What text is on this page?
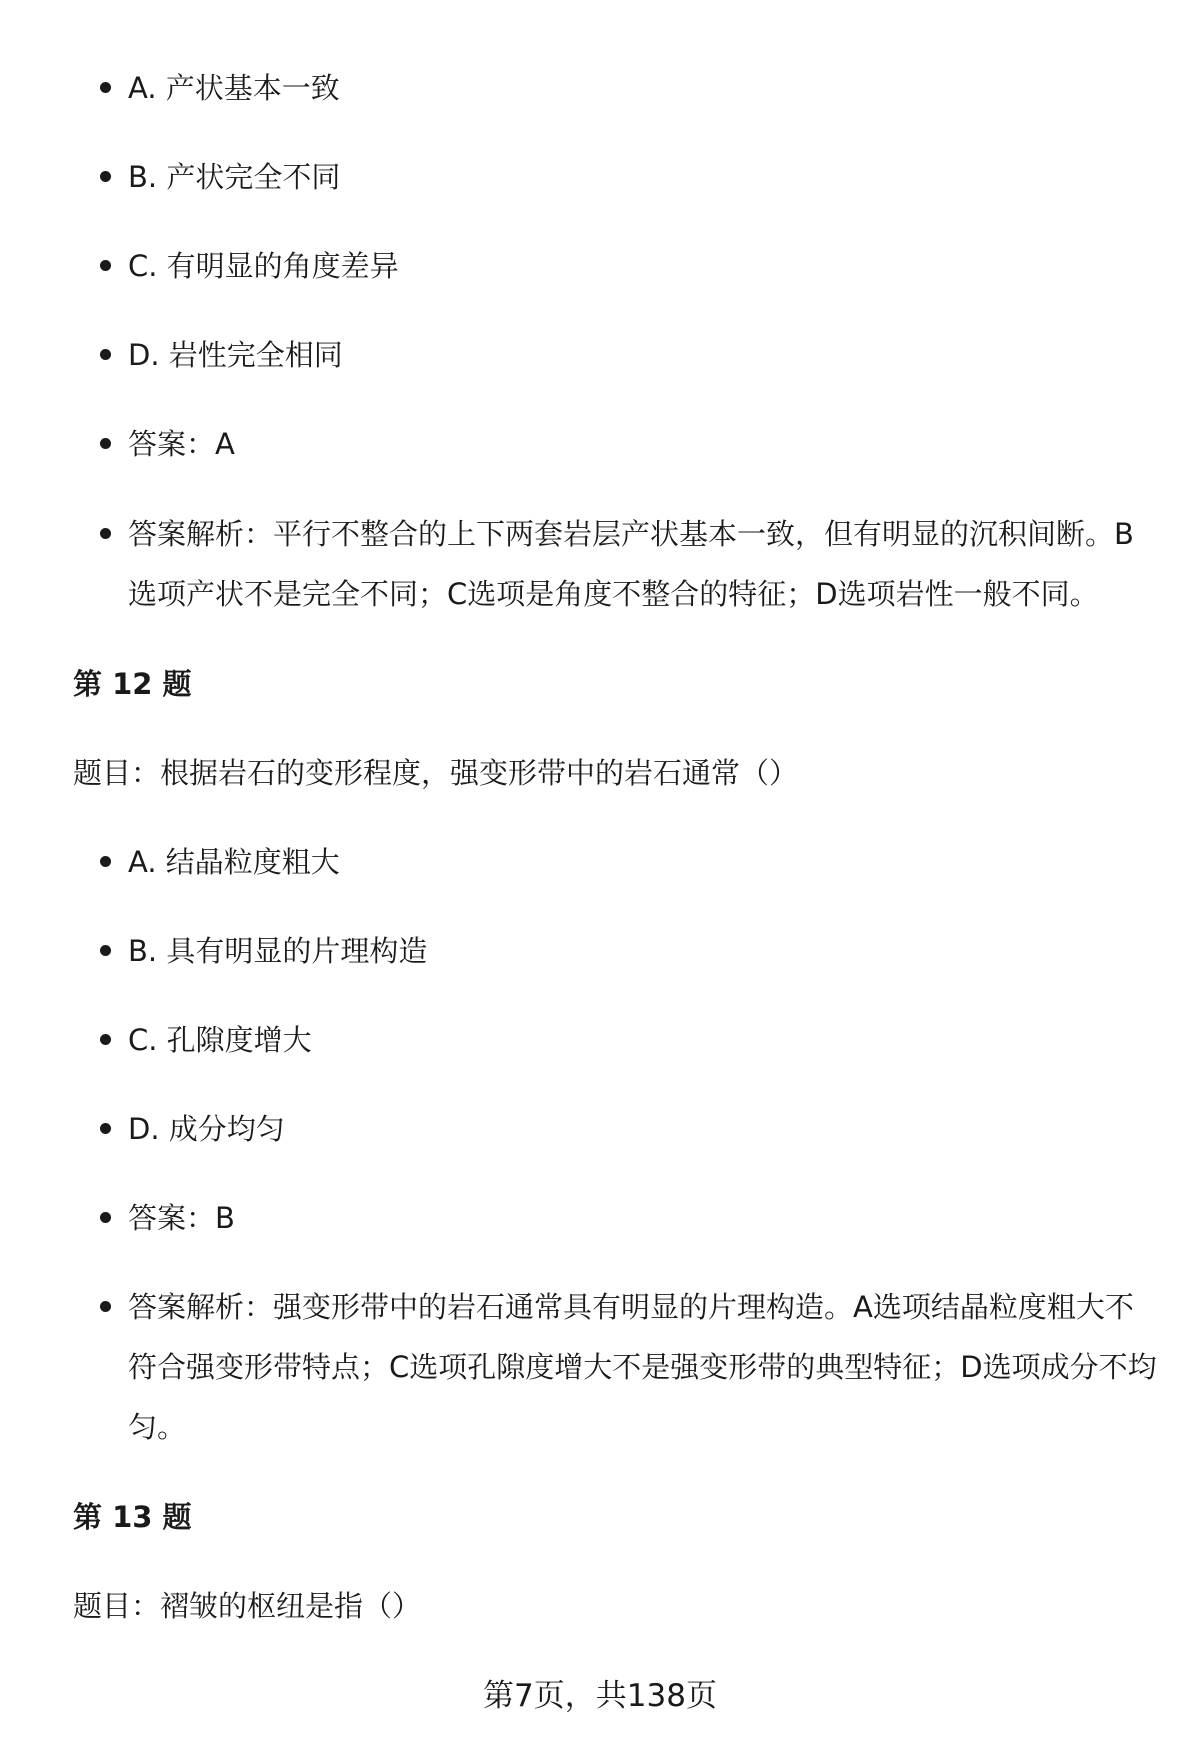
A. 产状基本一致
B. 产状完全不同
C. 有明显的角度差异
D. 岩性完全相同
答案：A
答案解析：平行不整合的上下两套岩层产状基本一致，但有明显的沉积间断。B选项产状不是完全不同；C选项是角度不整合的特征；D选项岩性一般不同。
第 12 题
题目：根据岩石的变形程度，强变形带中的岩石通常（）
A. 结晶粒度粗大
B. 具有明显的片理构造
C. 孔隙度增大
D. 成分均匀
答案：B
答案解析：强变形带中的岩石通常具有明显的片理构造。A选项结晶粒度粗大不符合强变形带特点；C选项孔隙度增大不是强变形带的典型特征；D选项成分不均匀。
第 13 题
题目：褶皱的枢纽是指（）
第7页，共138页
